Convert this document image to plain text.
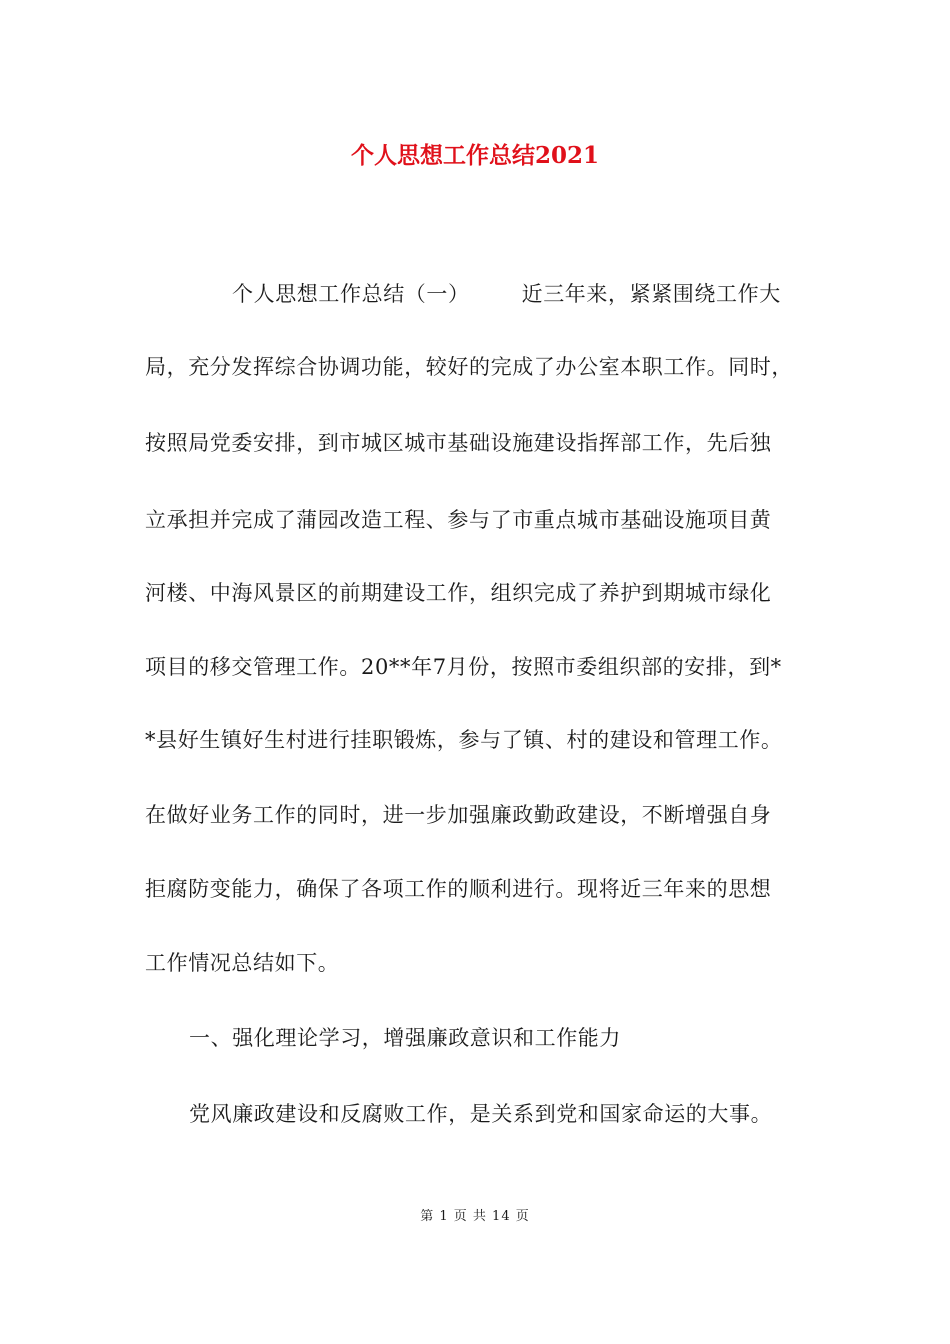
个人思想工作总结2021
个人思想工作总结（一） 近三年来，紧紧围绕工作大
局，充分发挥综合协调功能，较好的完成了办公室本职工作。同时，
按照局党委安排，到市城区城市基础设施建设指挥部工作，先后独
立承担并完成了蒲园改造工程、参与了市重点城市基础设施项目黄
河楼、中海风景区的前期建设工作，组织完成了养护到期城市绿化
项目的移交管理工作。20**年7月份，按照市委组织部的安排，到*
*县好生镇好生村进行挂职锻炼，参与了镇、村的建设和管理工作。
在做好业务工作的同时，进一步加强廉政勤政建设，不断增强自身
拒腐防变能力，确保了各项工作的顺利进行。现将近三年来的思想
工作情况总结如下。
一、强化理论学习，增强廉政意识和工作能力
党风廉政建设和反腐败工作，是关系到党和国家命运的大事。
第 1 页 共 14 页
